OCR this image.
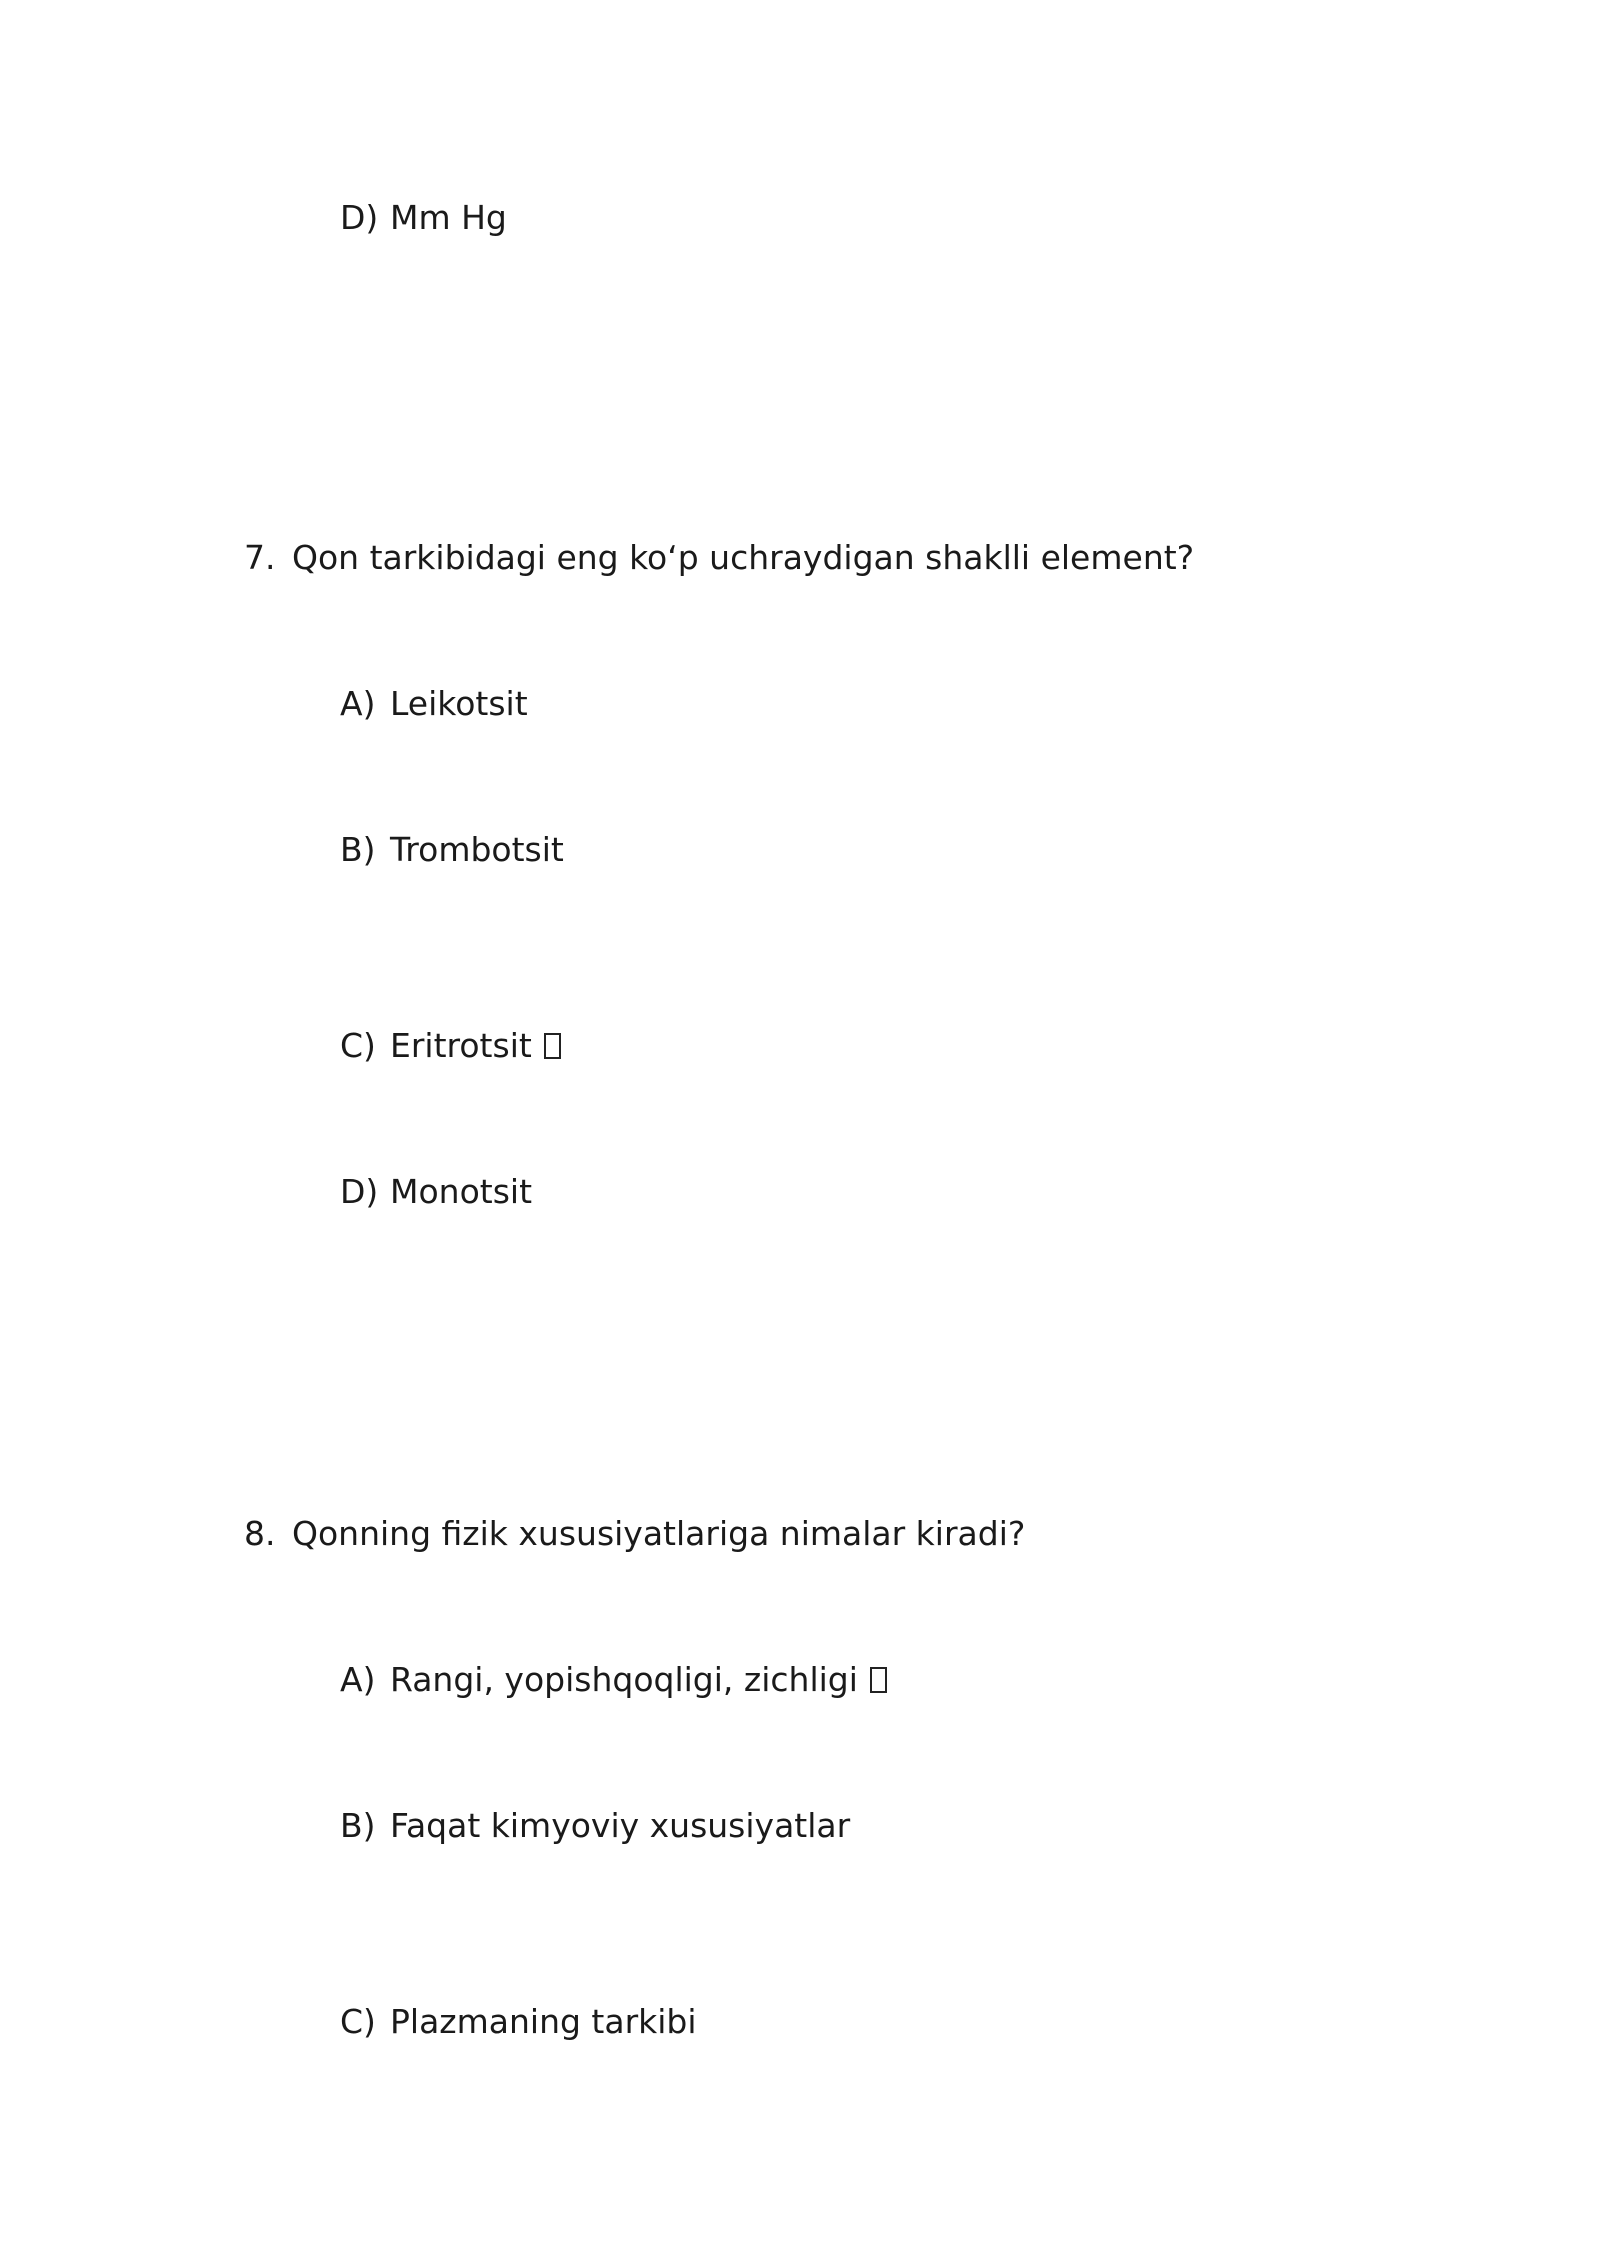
D) Mm Hg
7. Qon tarkibidagi eng ko‘p uchraydigan shaklli element?
A) Leikotsit
B) Trombotsit
C) Eritrotsit
D) Monotsit
8. Qonning fizik xususiyatlariga nimalar kiradi?
A) Rangi, yopishqoqligi, zichligi
B) Faqat kimyoviy xususiyatlar
C) Plazmaning tarkibi
